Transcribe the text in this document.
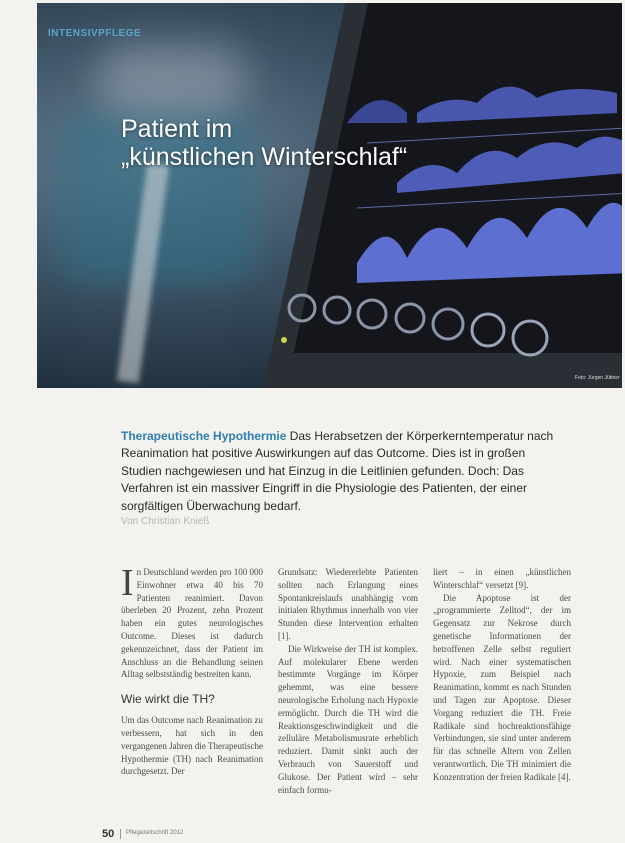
Foto: Jürgen Jüttner
INTENSIVPFLEGE
Patient im
„künstlichen Winterschlaf“
Therapeutische Hypothermie Das Herabsetzen der Körperkerntemperatur nach Reanimation hat positive Auswirkungen auf das Outcome. Dies ist in großen Studien nachgewiesen und hat Einzug in die Leitlinien gefunden. Doch: Das Verfahren ist ein massiver Eingriff in die Physiologie des Patienten, der einer sorgfältigen Überwachung bedarf.
Von Christian Knieß
I n Deutschland werden pro 100 000 Einwohner etwa 40 bis 70 Patienten reanimiert. Davon überleben 20 Prozent, zehn Prozent haben ein gutes neurologisches Outcome. Dieses ist dadurch gekennzeichnet, dass der Patient im Anschluss an die Behandlung seinen Alltag selbstständig bestreiten kann.
Wie wirkt die TH?
Um das Outcome nach Reanimation zu verbessern, hat sich in den vergangenen Jahren die Therapeutische Hypothermie (TH) nach Reanimation durchgesetzt. Der
Grundsatz: Wiedererlebte Patienten sollten nach Erlangung eines Spontankreislaufs unabhängig vom initialen Rhythmus innerhalb von vier Stunden diese Intervention erhalten [1].
Die Wirkweise der TH ist komplex. Auf molekularer Ebene werden bestimmte Vorgänge im Körper gehemmt, was eine bessere neurologische Erholung nach Hypoxie ermöglicht. Durch die TH wird die Reaktionsgeschwindigkeit und die zelluläre Metabolismusrate erheblich reduziert. Damit sinkt auch der Verbrauch von Sauerstoff und Glukose. Der Patient wird – sehr einfach formu-
liert – in einen „künstlichen Winterschlaf“ versetzt [9].
Die Apoptose ist der „programmierte Zelltod“, der im Gegensatz zur Nekrose durch genetische Informationen der betroffenen Zelle selbst reguliert wird. Nach einer systematischen Hypoxie, zum Beispiel nach Reanimation, kommt es nach Stunden und Tagen zur Apoptose. Dieser Vorgang reduziert die TH. Freie Radikale sind hochreaktionsfähige Verbindungen, sie sind unter anderem für das schnelle Altern von Zellen verantwortlich. Die TH minimiert die Konzentration der freien Radikale [4].
50 Pflegezeitschrift 2012
